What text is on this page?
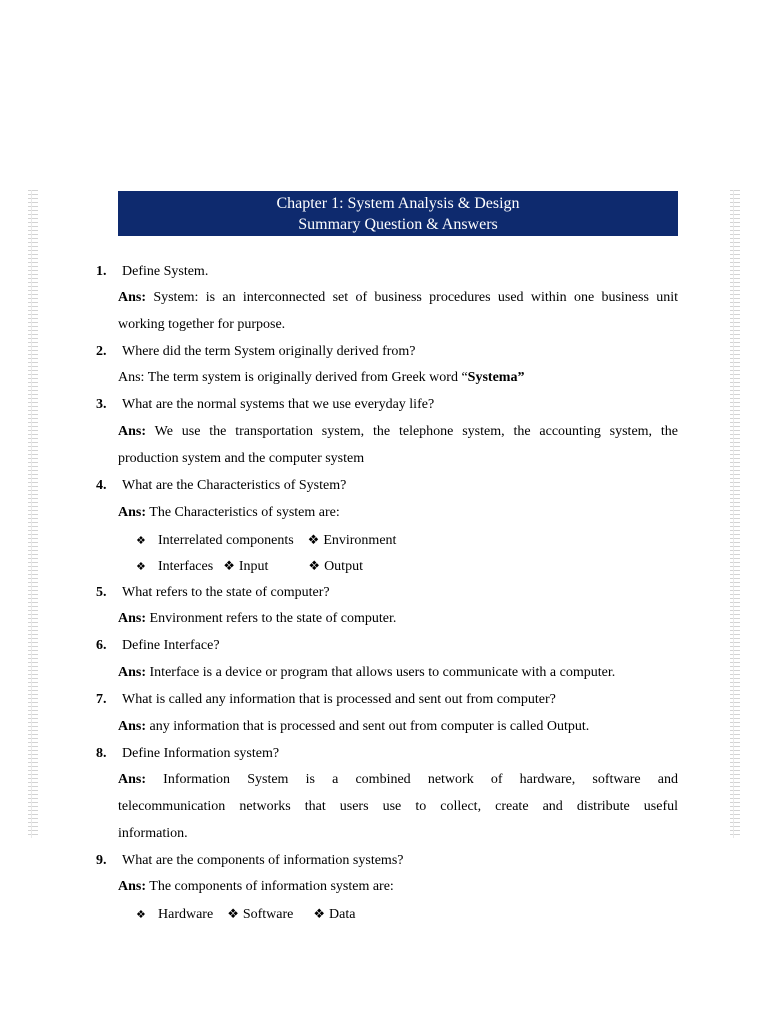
Chapter 1: System Analysis & Design
Summary Question & Answers
1. Define System.
Ans: System: is an interconnected set of business procedures used within one business unit
working together for purpose.
2. Where did the term System originally derived from?
Ans: The term system is originally derived from Greek word “Systema”
3. What are the normal systems that we use everyday life?
Ans: We use the transportation system, the telephone system, the accounting system, the
production system and the computer system
4. What are the Characteristics of System?
Ans: The Characteristics of system are:
❖ Interrelated components ❖ Environment
❖ Interfaces ❖ Input	❖ Output
5. What refers to the state of computer?
Ans: Environment refers to the state of computer.
6. Define Interface?
Ans: Interface is a device or program that allows users to communicate with a computer.
7. What is called any information that is processed and sent out from computer?
Ans: any information that is processed and sent out from computer is called Output.
8. Define Information system?
Ans: Information System is a combined network of hardware, software and
telecommunication networks that users use to collect, create and distribute useful
information.
9. What are the components of information systems?
Ans: The components of information system are:
❖ Hardware ❖ Software ❖ Data
